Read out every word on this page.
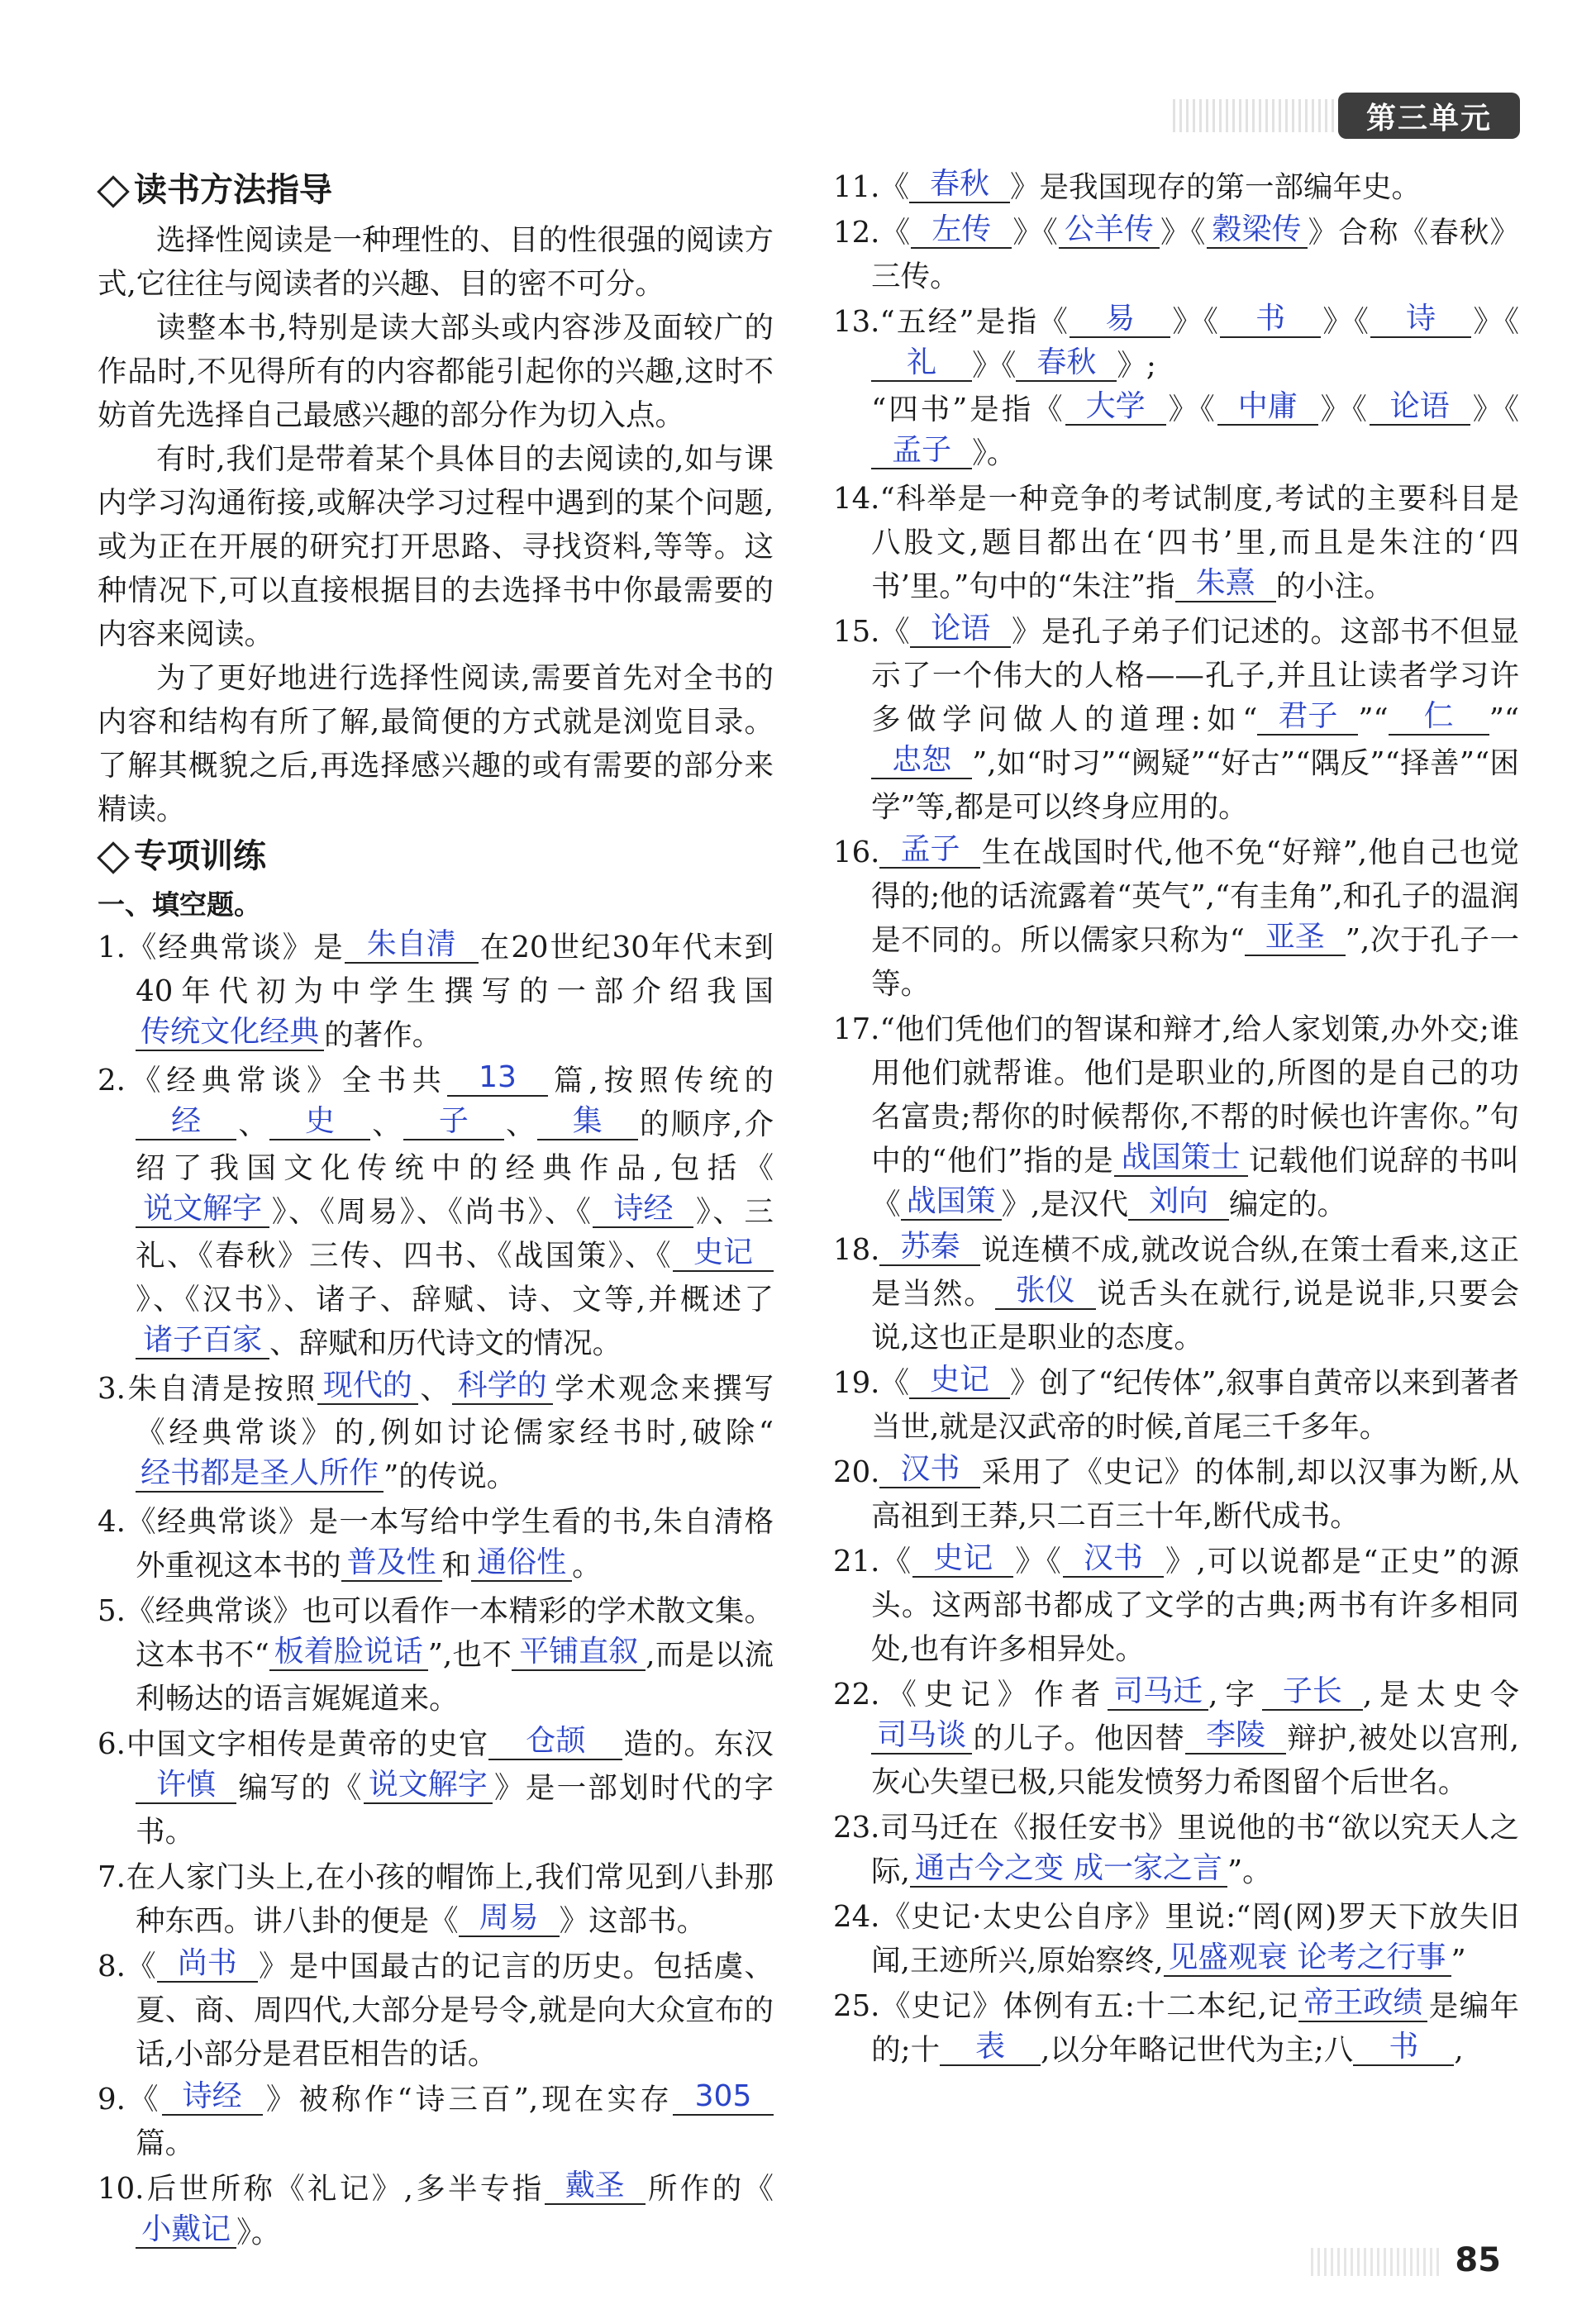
第三单元
读书方法指导

选择性阅读是一种理性的、目的性很强的阅读方式,它往往与阅读者的兴趣、目的密不可分。

读整本书,特别是读大部头或内容涉及面较广的作品时,不见得所有的内容都能引起你的兴趣,这时不妨首先选择自己最感兴趣的部分作为切入点。

有时,我们是带着某个具体目的去阅读的,如与课内学习沟通衔接,或解决学习过程中遇到的某个问题,或为正在开展的研究打开思路、寻找资料,等等。这种情况下,可以直接根据目的去选择书中你最需要的内容来阅读。

为了更好地进行选择性阅读,需要首先对全书的内容和结构有所了解,最简便的方式就是浏览目录。了解其概貌之后,再选择感兴趣的或有需要的部分来精读。

专项训练
一、填空题。

1.《经典常谈》是 朱自清 在20世纪30年代末到40年代初为中学生撰写的一部介绍我国传统文化经典 的著作。

2.《经典常谈》全书共 13 篇,按照传统的经 、 史 、 子 、 集 的顺序,介绍了我国文化传统中的经典作品,包括《说文解字 》、《周易》、《尚书》、《 诗经 》、三礼、《春秋》三传、四书、《战国策》、《 史记》、《汉书》、诸子、辞赋、诗、文等,并概述了诸子百家 、辞赋和历代诗文的情况。

3.朱自清是按照 现代的 、 科学的 学术观念来撰写《经典常谈》的,例如讨论儒家经书时,破除“经书都是圣人所作 ”的传说。

4.《经典常谈》是一本写给中学生看的书,朱自清格外重视这本书的 普及性 和 通俗性 。

5.《经典常谈》也可以看作一本精彩的学术散文集。这本书不“ 板着脸说话 ”,也不 平铺直叙 ,而是以流利畅达的语言娓娓道来。

6.中国文字相传是黄帝的史官 仓颉 造的。东汉许慎 编写的《 说文解字 》是一部划时代的字书。

7.在人家门头上,在小孩的帽饰上,我们常见到八卦那种东西。讲八卦的便是《 周易 》这部书。

8.《 尚书 》是中国最古的记言的历史。包括虞、夏、商、周四代,大部分是号令,就是向大众宣布的话,小部分是君臣相告的话。

9.《 诗经 》被称作“诗三百”,现在实存 305篇。

10.后世所称《礼记》,多半专指 戴圣 所作的《小戴记 》。

11.《 春秋 》是我国现存的第一部编年史。

12.《 左传 》《 公羊传 》《 穀梁传 》合称《春秋》三传。

13.“五经”是指《 易 》《 书 》《 诗 》《礼 》《 春秋 》;
“四书”是指《 大学 》《 中庸 》《 论语 》《孟子 》。

14.“科举是一种竞争的考试制度,考试的主要科目是八股文,题目都出在‘四书’里,而且是朱注的‘四书’里。”句中的“朱注”指 朱熹 的小注。

15.《 论语 》是孔子弟子们记述的。这部书不但显示了一个伟大的人格——孔子,并且让读者学习许多做学问做人的道理:如“ 君子 ”“ 仁 ”“忠恕 ”,如“时习”“阙疑”“好古”“隅反”“择善”“困学”等,都是可以终身应用的。

16. 孟子 生在战国时代,他不免“好辩”,他自己也觉得的;他的话流露着“英气”,“有圭角”,和孔子的温润是不同的。所以儒家只称为“ 亚圣 ”,次于孔子一等。

17.“他们凭他们的智谋和辩才,给人家划策,办外交;谁用他们就帮谁。他们是职业的,所图的是自己的功名富贵;帮你的时候帮你,不帮的时候也许害你。”句中的“他们”指的是 战国策士 记载他们说辞的书叫《 战国策 》,是汉代 刘向 编定的。

18. 苏秦 说连横不成,就改说合纵,在策士看来,这正是当然。 张仪 说舌头在就行,说是说非,只要会说,这也正是职业的态度。

19.《 史记 》创了“纪传体”,叙事自黄帝以来到著者当世,就是汉武帝的时候,首尾三千多年。

20. 汉书 采用了《史记》的体制,却以汉事为断,从高祖到王莽,只二百三十年,断代成书。

21.《 史记 》《 汉书 》,可以说都是“正史”的源头。这两部书都成了文学的古典;两书有许多相同处,也有许多相异处。

22.《史记》作者 司马迁 ,字 子长 ,是太史令司马谈 的儿子。他因替 李陵 辩护,被处以宫刑,灰心失望已极,只能发愤努力希图留个后世名。

23.司马迁在《报任安书》里说他的书“欲以究天人之际, 通古今之变 成一家之言 ”。

24.《史记·太史公自序》里说:“罔(网)罗天下放失旧闻,王迹所兴,原始察终, 见盛观衰 论考之行事 ”

25.《史记》体例有五:十二本纪,记 帝王政绩 是编年的;十 表 ,以分年略记世代为主;八 书 ,

85
